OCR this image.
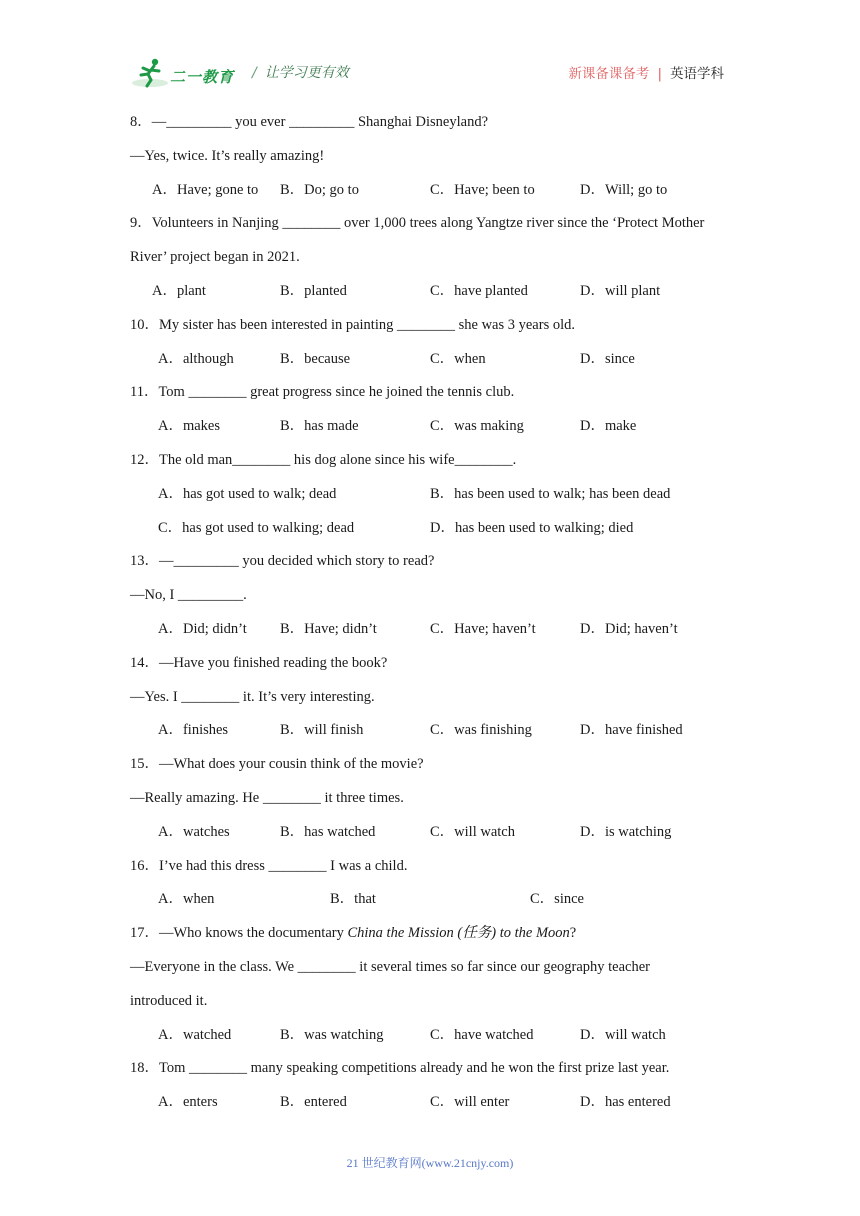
二一教育 / 让学习更有效	新课备课备考 | 英语学科
8．—_________ you ever _________ Shanghai Disneyland?
—Yes, twice. It’s really amazing!
A．Have; gone to B．Do; go to	C．Have; been to	D．Will; go to
9．Volunteers in Nanjing ________ over 1,000 trees along Yangtze river since the ‘Protect Mother
River’ project began in 2021.
A．plant	B．planted	C．have planted	D．will plant
10．My sister has been interested in painting ________ she was 3 years old.
A．although	B．because	C．when	D．since
11．Tom ________ great progress since he joined the tennis club.
A．makes	B．has made	C．was making	D．make
12．The old man________ his dog alone since his wife________.
A．has got used to walk; dead	B．has been used to walk; has been dead
C．has got used to walking; dead	D．has been used to walking; died
13．—_________ you decided which story to read?
—No, I _________.
A．Did; didn’t B．Have; didn’t	C．Have; haven’t	D．Did; haven’t
14．—Have you finished reading the book?
—Yes. I ________ it. It’s very interesting.
A．finishes	B．will finish	C．was finishing	D．have finished
15．—What does your cousin think of the movie?
—Really amazing. He ________ it three times.
A．watches	B．has watched	C．will watch	D．is watching
16．I’ve had this dress ________ I was a child.
A．when	B．that	C．since
17．—Who knows the documentary China the Mission (任务) to the Moon?
—Everyone in the class. We ________ it several times so far since our geography teacher
introduced it.
A．watched	B．was watching	C．have watched	D．will watch
18．Tom ________ many speaking competitions already and he won the first prize last year.
A．enters	B．entered	C．will enter	D．has entered
21 世纪教育网(www.21cnjy.com)
